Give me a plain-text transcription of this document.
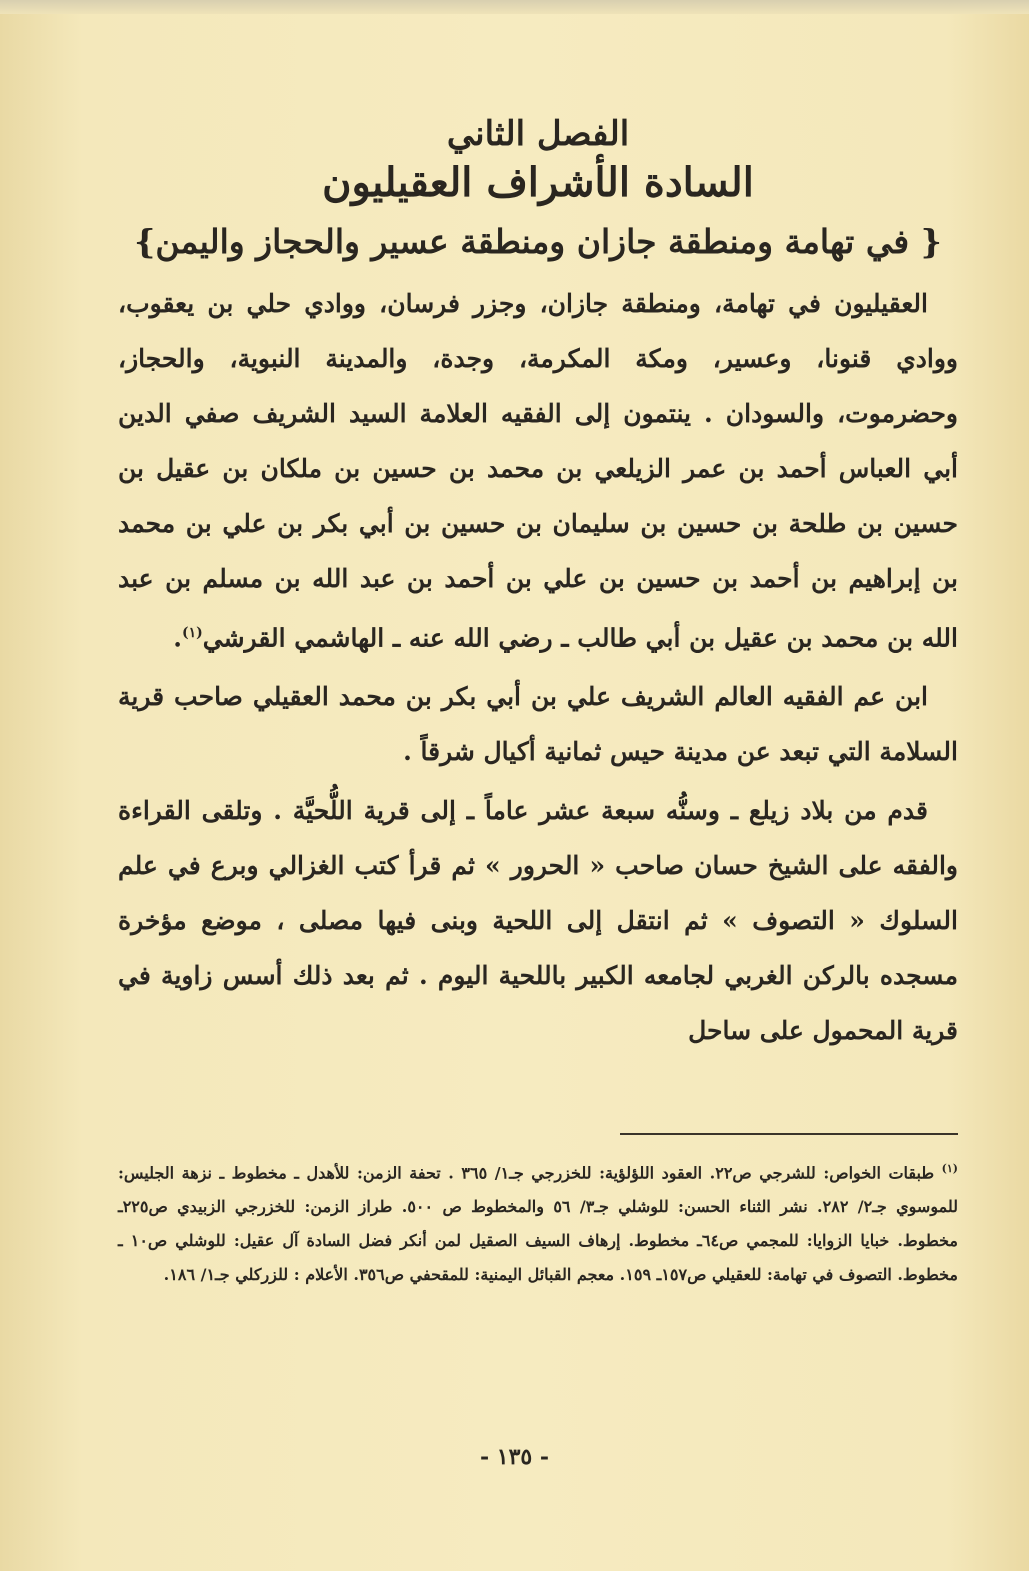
الفصل الثاني
السادة الأشراف العقيليون
{ في تهامة ومنطقة جازان ومنطقة عسير والحجاز واليمن}

العقيليون في تهامة، ومنطقة جازان، وجزر فرسان، ووادي حلي بن يعقوب، ووادي قنونا، وعسير، ومكة المكرمة، وجدة، والمدينة النبوية، والحجاز، وحضرموت، والسودان . ينتمون إلى الفقيه العلامة السيد الشريف صفي الدين أبي العباس أحمد بن عمر الزيلعي بن محمد بن حسين بن ملكان بن عقيل بن حسين بن طلحة بن حسين بن سليمان بن حسين بن أبي بكر بن علي بن محمد بن إبراهيم بن أحمد بن حسين بن علي بن أحمد بن عبد الله بن مسلم بن عبد الله بن محمد بن عقيل بن أبي طالب ـ رضي الله عنه ـ الهاشمي القرشي$^{(١)}$.

ابن عم الفقيه العالم الشريف علي بن أبي بكر بن محمد العقيلي صاحب قرية السلامة التي تبعد عن مدينة حيس ثمانية أكيال شرقاً .

قدم من بلاد زيلع ـ وسنُّه سبعة عشر عاماً ـ إلى قرية اللُّحيَّة . وتلقى القراءة والفقه على الشيخ حسان صاحب « الحرور » ثم قرأ كتب الغزالي وبرع في علم السلوك « التصوف » ثم انتقل إلى اللحية وبنى فيها مصلى ، موضع مؤخرة مسجده بالركن الغربي لجامعه الكبير باللحية اليوم . ثم بعد ذلك أسس زاوية في قرية المحمول على ساحل

$^{(١)}$ طبقات الخواص: للشرجي ص٢٢. العقود اللؤلؤية: للخزرجي جـ١/ ٣٦٥ . تحفة الزمن: للأهدل ـ مخطوط ـ نزهة الجليس: للموسوي جـ٢/ ٢٨٢. نشر الثناء الحسن: للوشلي جـ٣/ ٥٦ والمخطوط ص ٥٠٠. طراز الزمن: للخزرجي الزبيدي ص٢٢٥ـ مخطوط. خبايا الزوايا: للمجمي ص٦٤ـ مخطوط. إرهاف السيف الصقيل لمن أنكر فضل السادة آل عقيل: للوشلي ص١٠ ـ مخطوط. التصوف في تهامة: للعقيلي ص١٥٧ـ ١٥٩. معجم القبائل اليمنية: للمقحفي ص٣٥٦. الأعلام : للزركلي جـ١/ ١٨٦.
- ١٣٥ -
